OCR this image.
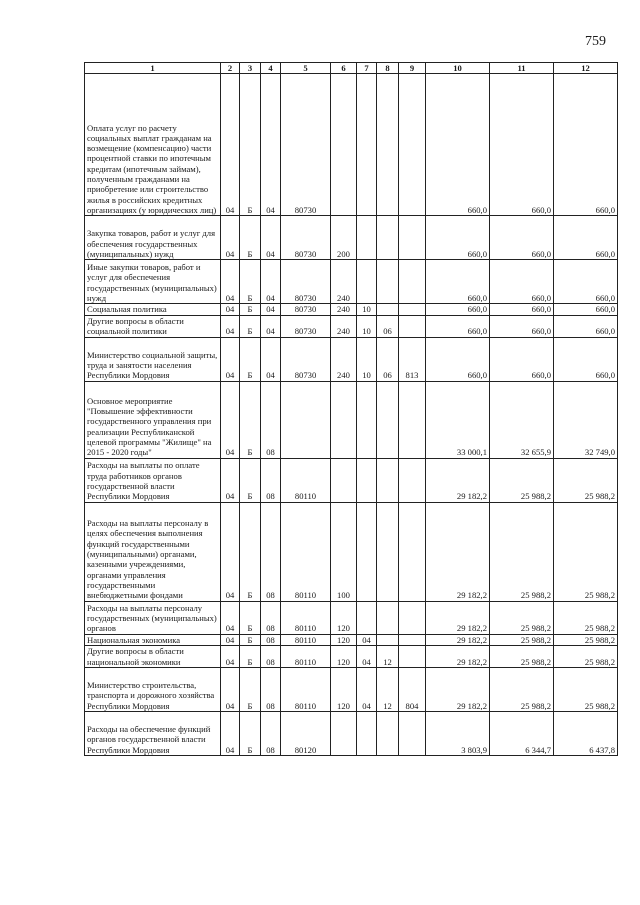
759
1	2	3	4	5	6	7	8	9	10	11	12

Оплата услуг по расчету социальных выплат гражданам на возмещение (компенсацию) части процентной ставки по ипотечным кредитам (ипотечным займам), полученным гражданами на приобретение или строительство жилья в российских кредитных организациях (у юридических лиц)	04	Б	04	80730					660,0	660,0	660,0

Закупка товаров, работ и услуг для обеспечения государственных (муниципальных) нужд	04	Б	04	80730	200				660,0	660,0	660,0

Иные закупки товаров, работ и услуг для обеспечения государственных (муниципальных) нужд	04	Б	04	80730	240				660,0	660,0	660,0

Социальная политика	04	Б	04	80730	240	10			660,0	660,0	660,0

Другие вопросы в области социальной политики	04	Б	04	80730	240	10	06		660,0	660,0	660,0

Министерство социальной защиты, труда и занятости населения Республики Мордовия	04	Б	04	80730	240	10	06	813	660,0	660,0	660,0

Основное мероприятие "Повышение эффективности государственного управления при реализации Республиканской целевой программы "Жилище" на 2015 - 2020 годы"	04	Б	08						33 000,1	32 655,9	32 749,0

Расходы на выплаты по оплате труда работников органов государственной власти Республики Мордовия	04	Б	08	80110					29 182,2	25 988,2	25 988,2

Расходы на выплаты персоналу в целях обеспечения выполнения функций государственными (муниципальными) органами, казенными учреждениями, органами управления государственными внебюджетными фондами	04	Б	08	80110	100				29 182,2	25 988,2	25 988,2

Расходы на выплаты персоналу государственных (муниципальных) органов	04	Б	08	80110	120				29 182,2	25 988,2	25 988,2

Национальная экономика	04	Б	08	80110	120	04			29 182,2	25 988,2	25 988,2

Другие вопросы в области национальной экономики	04	Б	08	80110	120	04	12		29 182,2	25 988,2	25 988,2

Министерство строительства, транспорта и дорожного хозяйства Республики Мордовия	04	Б	08	80110	120	04	12	804	29 182,2	25 988,2	25 988,2

Расходы на обеспечение функций органов государственной власти Республики Мордовия	04	Б	08	80120					3 803,9	6 344,7	6 437,8
